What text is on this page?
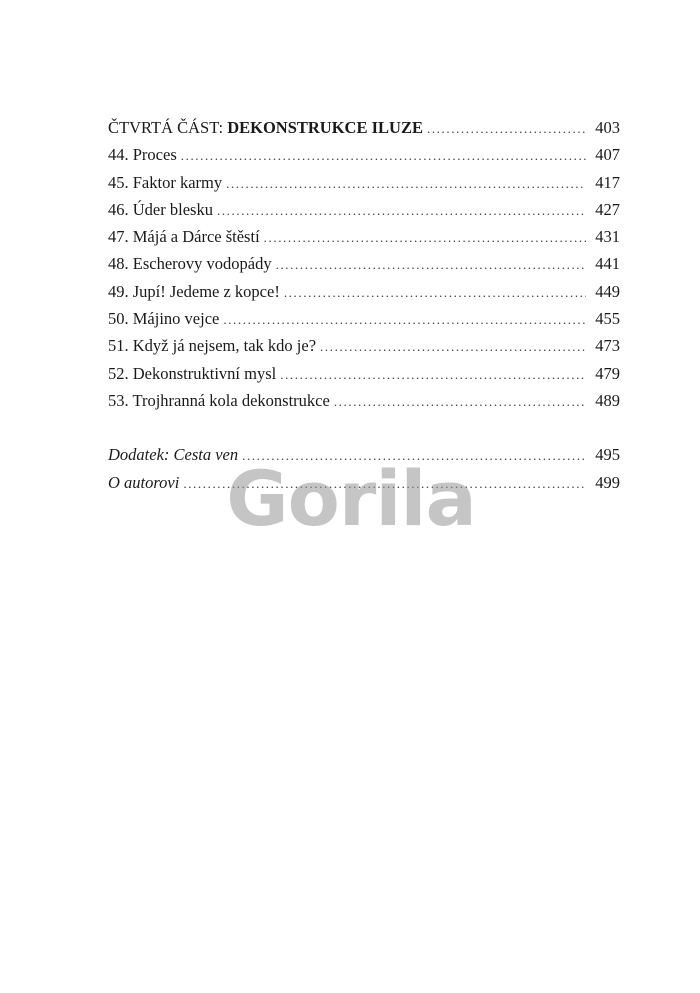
ČTVRTÁ ČÁST: DEKONSTRUKCE ILUZE .....	403
44. Proces .....	407
45. Faktor karmy .....	417
46. Úder blesku .....	427
47. Májá a Dárce štěstí .....	431
48. Escherovy vodopády .....	441
49. Jupí! Jedeme z kopce! .....	449
50. Májino vejce .....	455
51. Když já nejsem, tak kdo je? .....	473
52. Dekonstruktivní mysl .....	479
53. Trojhranná kola dekonstrukce .....	489
Dodatek: Cesta ven .....	495
O autorovi .....	499
Gorila
